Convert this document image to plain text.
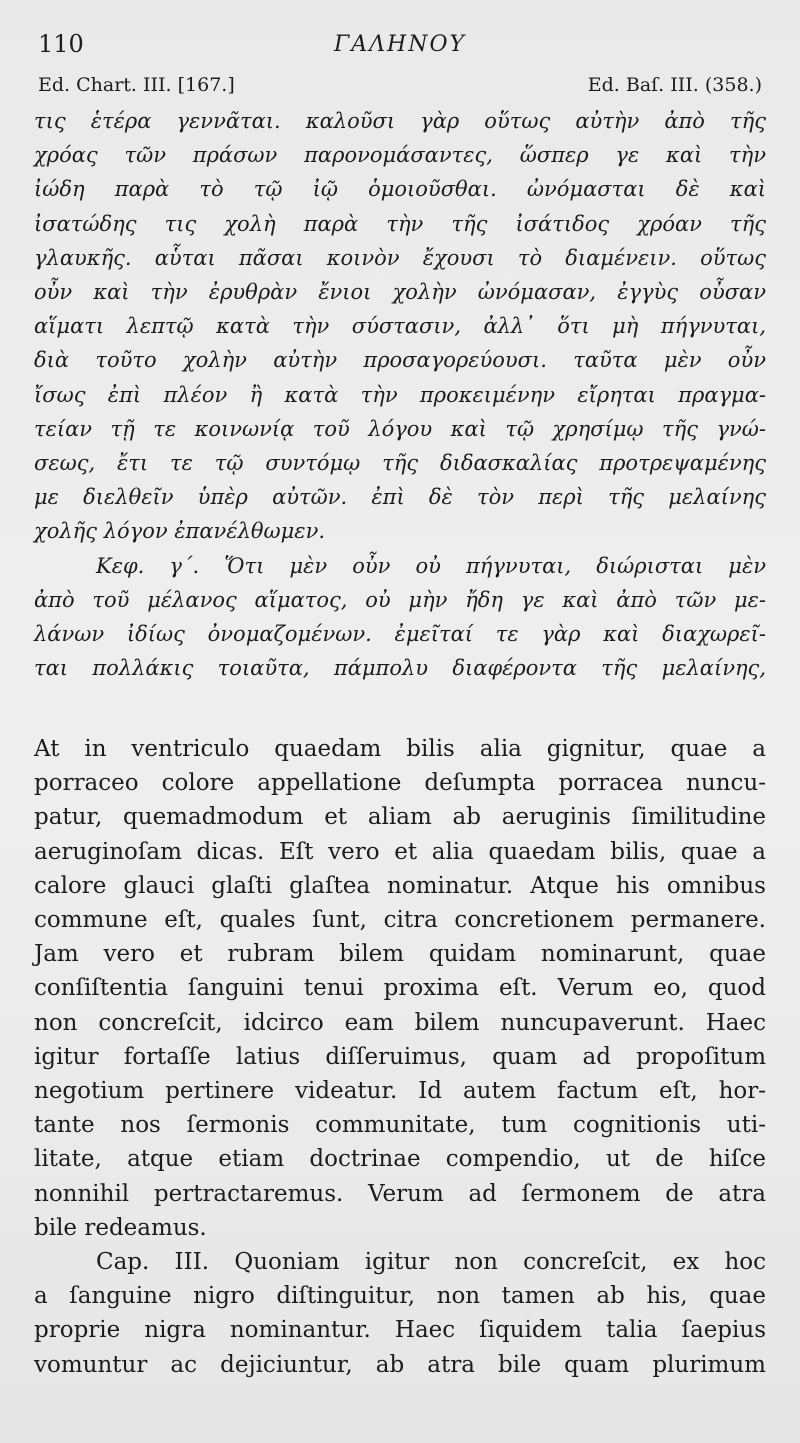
110	ΓΑΛΗΝΟΥ
Ed. Chart. III. [167.]	Ed. Baſ. III. (358.)
τις ἑτέρα γεννᾶται. καλοῦσι γὰρ οὕτως αὐτὴν ἀπὸ τῆς
χρόας τῶν πράσων παρονομάσαντες, ὥσπερ γε καὶ τὴν
ἰώδη παρὰ τὸ τῷ ἰῷ ὁμοιοῦσθαι. ὠνόμασται δὲ καὶ
ἰσατώδης τις χολὴ παρὰ τὴν τῆς ἰσάτιδος χρόαν τῆς
γλαυκῆς. αὗται πᾶσαι κοινὸν ἔχουσι τὸ διαμένειν. οὕτως
οὖν καὶ τὴν ἐρυθρὰν ἔνιοι χολὴν ὠνόμασαν, ἐγγὺς οὖσαν
αἵματι λεπτῷ κατὰ τὴν σύστασιν, ἀλλ᾽ ὅτι μὴ πήγνυται,
διὰ τοῦτο χολὴν αὐτὴν προσαγορεύουσι. ταῦτα μὲν οὖν
ἴσως ἐπὶ πλέον ἢ κατὰ τὴν προκειμένην εἴρηται πραγμα-
τείαν τῇ τε κοινωνίᾳ τοῦ λόγου καὶ τῷ χρησίμῳ τῆς γνώ-
σεως, ἔτι τε τῷ συντόμῳ τῆς διδασκαλίας προτρεψαμένης
με διελθεῖν ὑπὲρ αὐτῶν. ἐπὶ δὲ τὸν περὶ τῆς μελαίνης
χολῆς λόγον ἐπανέλθωμεν.
Κεφ. γ΄. Ὅτι μὲν οὖν οὐ πήγνυται, διώρισται μὲν
ἀπὸ τοῦ μέλανος αἵματος, οὐ μὴν ἤδη γε καὶ ἀπὸ τῶν με-
λάνων ἰδίως ὀνομαζομένων. ἐμεῖταί τε γὰρ καὶ διαχωρεῖ-
ται πολλάκις τοιαῦτα, πάμπολυ διαφέροντα τῆς μελαίνης,
At in ventriculo quaedam bilis alia gignitur, quae a
porraceo colore appellatione deſumpta porracea nuncu-
patur, quemadmodum et aliam ab aeruginis ſimilitudine
aeruginoſam dicas. Eſt vero et alia quaedam bilis, quae a
calore glauci glaſti glaſtea nominatur. Atque his omnibus
commune eſt, quales ſunt, citra concretionem permanere.
Jam vero et rubram bilem quidam nominarunt, quae
conſiſtentia ſanguini tenui proxima eſt. Verum eo, quod
non concreſcit, idcirco eam bilem nuncupaverunt. Haec
igitur fortaſſe latius diſſeruimus, quam ad propoſitum
negotium pertinere videatur. Id autem factum eſt, hor-
tante nos ſermonis communitate, tum cognitionis uti-
litate, atque etiam doctrinae compendio, ut de hiſce
nonnihil pertractaremus. Verum ad ſermonem de atra
bile redeamus.
Cap. III. Quoniam igitur non concreſcit, ex hoc
a ſanguine nigro diſtinguitur, non tamen ab his, quae
proprie nigra nominantur. Haec ſiquidem talia ſaepius
vomuntur ac dejiciuntur, ab atra bile quam plurimum
